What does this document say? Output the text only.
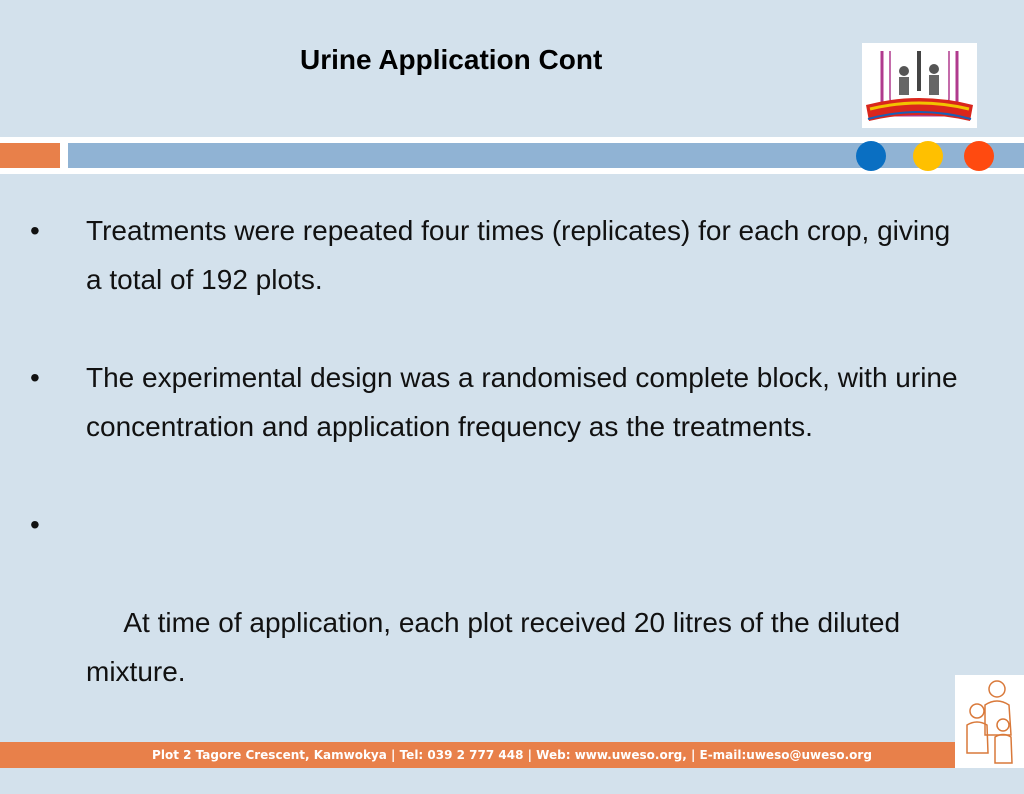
Urine Application Cont
• Treatments were repeated four times (replicates) for each crop, giving a total of 192 plots.
• The experimental design was a randomised complete block, with urine concentration and application frequency as the treatments.

•

At time of application, each plot received 20 litres of the diluted mixture.

Plot 2 Tagore Crescent, Kamwokya | Tel: 039 2 777 448 | Web: www.uweso.org, | E-mail:uweso@uweso.org
